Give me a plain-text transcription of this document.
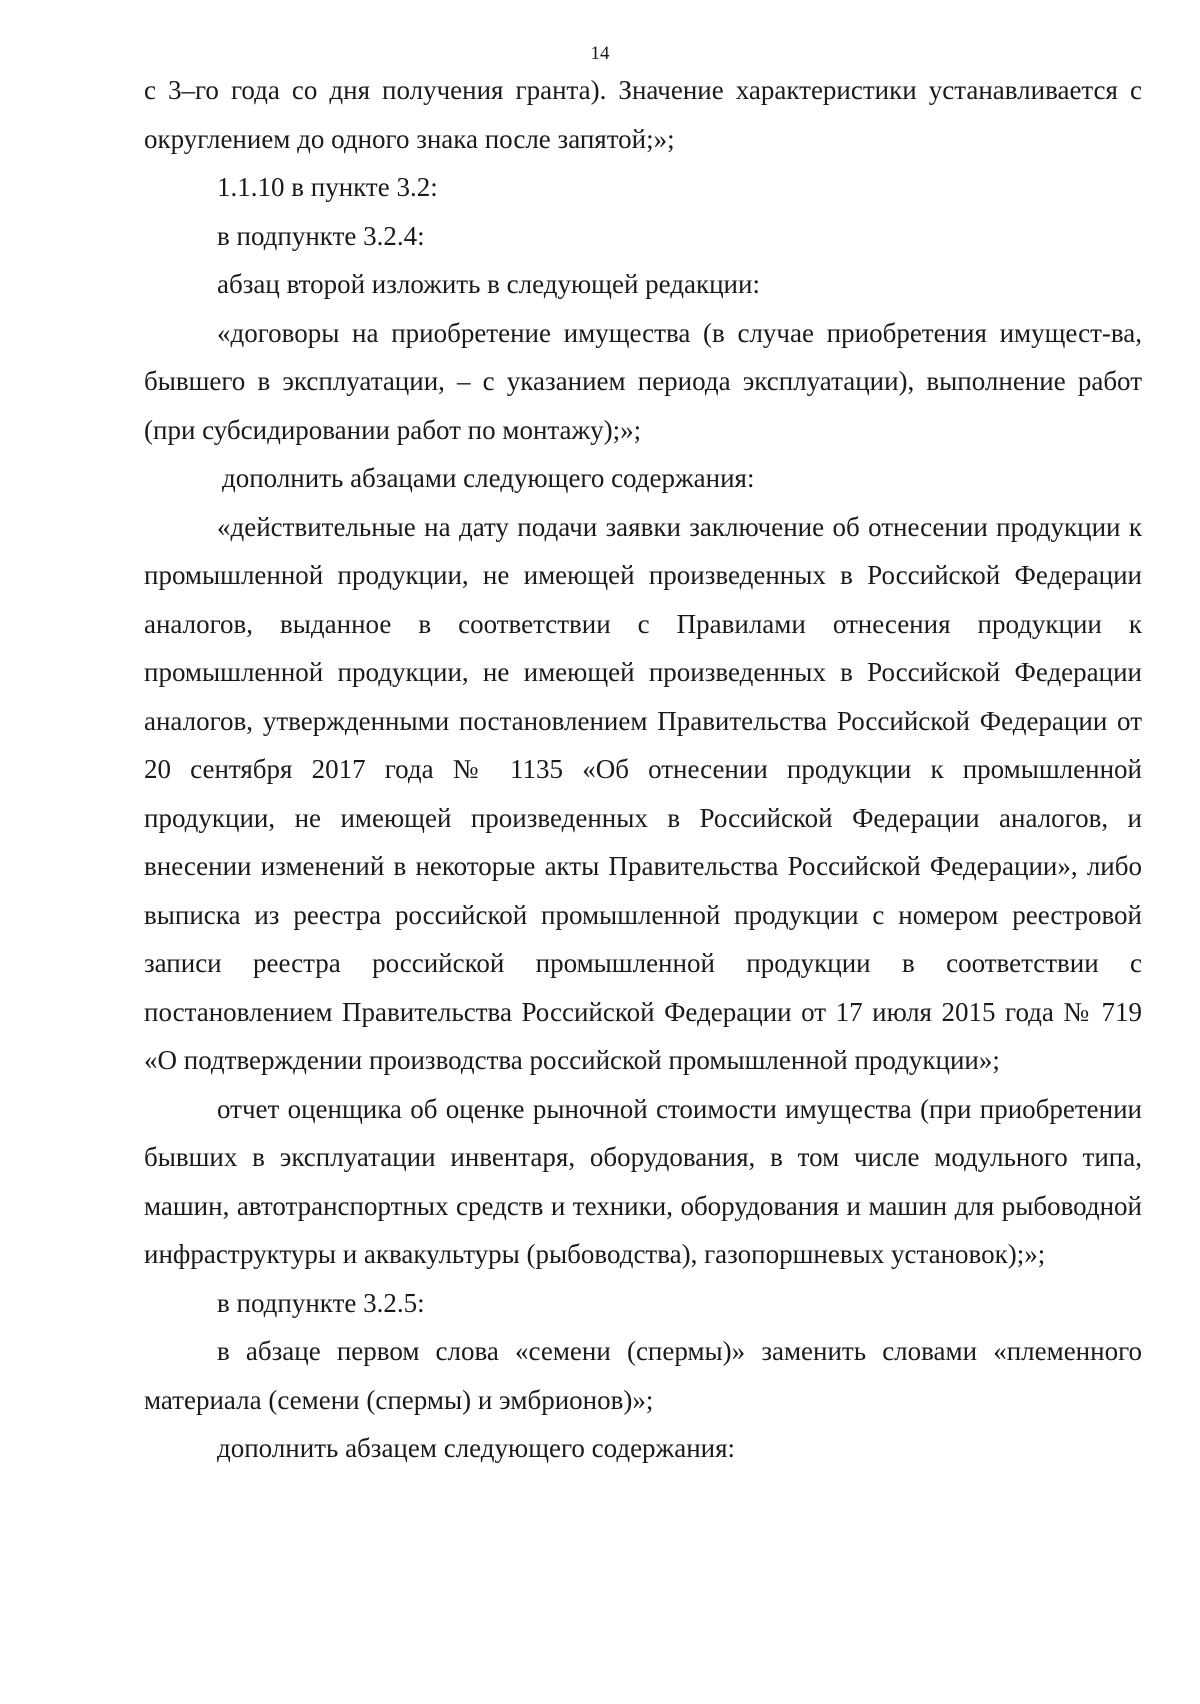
14

с 3–го года со дня получения гранта). Значение характеристики устанавливается с округлением до одного знака после запятой;»;

1.1.10 в пункте 3.2:

в подпункте 3.2.4:

абзац второй изложить в следующей редакции:

«договоры на приобретение имущества (в случае приобретения имущест-ва, бывшего в эксплуатации, – с указанием периода эксплуатации), выполнение работ (при субсидировании работ по монтажу);»;

дополнить абзацами следующего содержания:

«действительные на дату подачи заявки заключение об отнесении продукции к промышленной продукции, не имеющей произведенных в Российской Федерации аналогов, выданное в соответствии с Правилами отнесения продукции к промышленной продукции, не имеющей произведенных в Российской Федерации аналогов, утвержденными постановлением Правительства Российской Федерации от 20 сентября 2017 года № 1135 «Об отнесении продукции к промышленной продукции, не имеющей произведенных в Российской Федерации аналогов, и внесении изменений в некоторые акты Правительства Российской Федерации», либо выписка из реестра российской промышленной продукции с номером реестровой записи реестра российской промышленной продукции в соответствии с постановлением Правительства Российской Федерации от 17 июля 2015 года № 719 «О подтверждении производства российской промышленной продукции»;

отчет оценщика об оценке рыночной стоимости имущества (при приобретении бывших в эксплуатации инвентаря, оборудования, в том числе модульного типа, машин, автотранспортных средств и техники, оборудования и машин для рыбоводной инфраструктуры и аквакультуры (рыбоводства), газопоршневых установок);»;

в подпункте 3.2.5:

в абзаце первом слова «семени (спермы)» заменить словами «племенного материала (семени (спермы) и эмбрионов)»;

дополнить абзацем следующего содержания:
